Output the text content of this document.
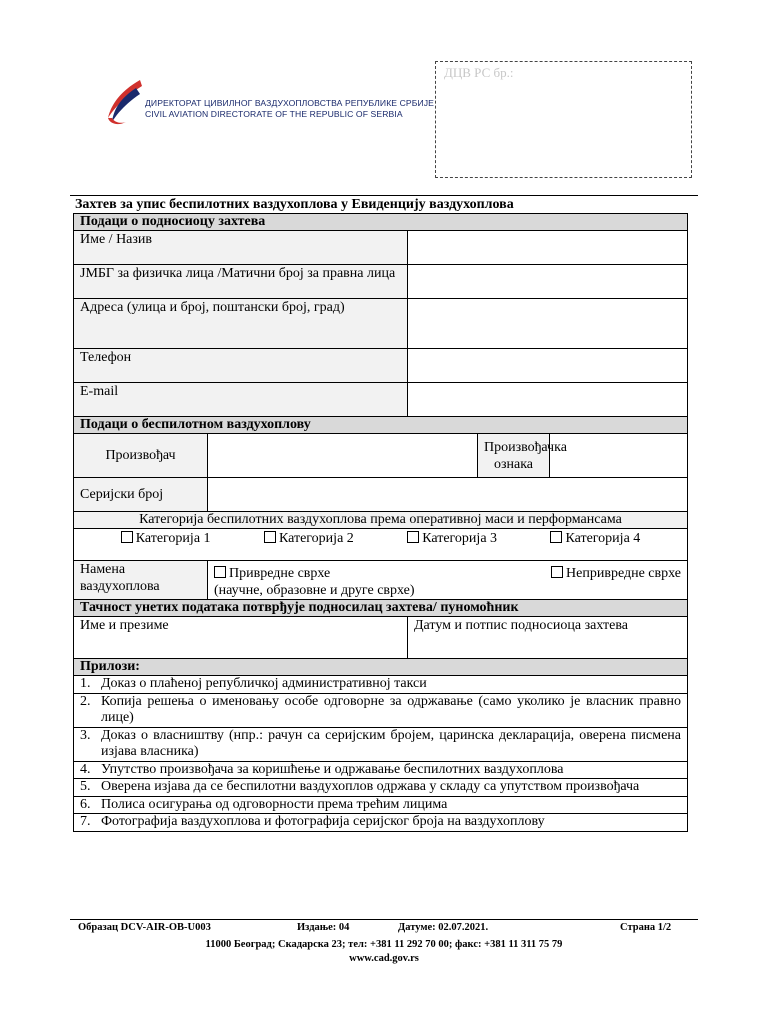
ДИРЕКТОРАТ ЦИВИЛНОГ ВАЗДУХОПЛОВСТВА РЕПУБЛИКЕ СРБИЈЕ
CIVIL AVIATION DIRECTORATE OF THE REPUBLIC OF SERBIA
ДЦВ РС бр.:
Захтев за упис беспилотних ваздухоплова у Евиденцију ваздухоплова
Подаци о подносиоцу захтева				
Име / Назив				
ЈМБГ за физичка лица /Матични број за правна лица				
Адреса (улица и број, поштански број, град)				
Телефон				
E-mail				
Подаци о беспилотном ваздухоплову				
Произвођач			Произвођачка ознака	
Серијски број				
Категорија беспилотних ваздухоплова према оперативној маси и перформансама				

Категорија 1 Категорија 2 Категорија 3 Категорија 4				

Намена ваздухоплова	Привредне сврхе Непривредне сврхе
(научне, образовне и друге сврхе)			

Тачност унетих података потврђује подносилац захтева/ пуномоћник				
Име и презиме		Датум и потпис подносиоца захтева		
Прилози:				

1. Доказ о плаћеној републичкој административној такси				

2. Копија решења о именовању особе одговорне за одржавање (само уколико је власник правно лице)				

3. Доказ о власништву (нпр.: рачун са серијским бројем, царинска декларација, оверена писмена изјава власника)				

4. Упутство произвођача за коришћење и одржавање беспилотних ваздухоплова				

5. Оверена изјава да се беспилотни ваздухоплов одржава у складу са упутством произвођача				

6. Полиса осигурања од одговорности према трећим лицима				

7. Фотографија ваздухоплова и фотографија серијског броја на ваздухоплову				
Образац DCV-AIR-OB-U003	Издање: 04	Датуме: 02.07.2021.	Страна 1/2
11000 Београд; Скадарска 23; тел: +381 11 292 70 00; факс: +381 11 311 75 79
www.cad.gov.rs
